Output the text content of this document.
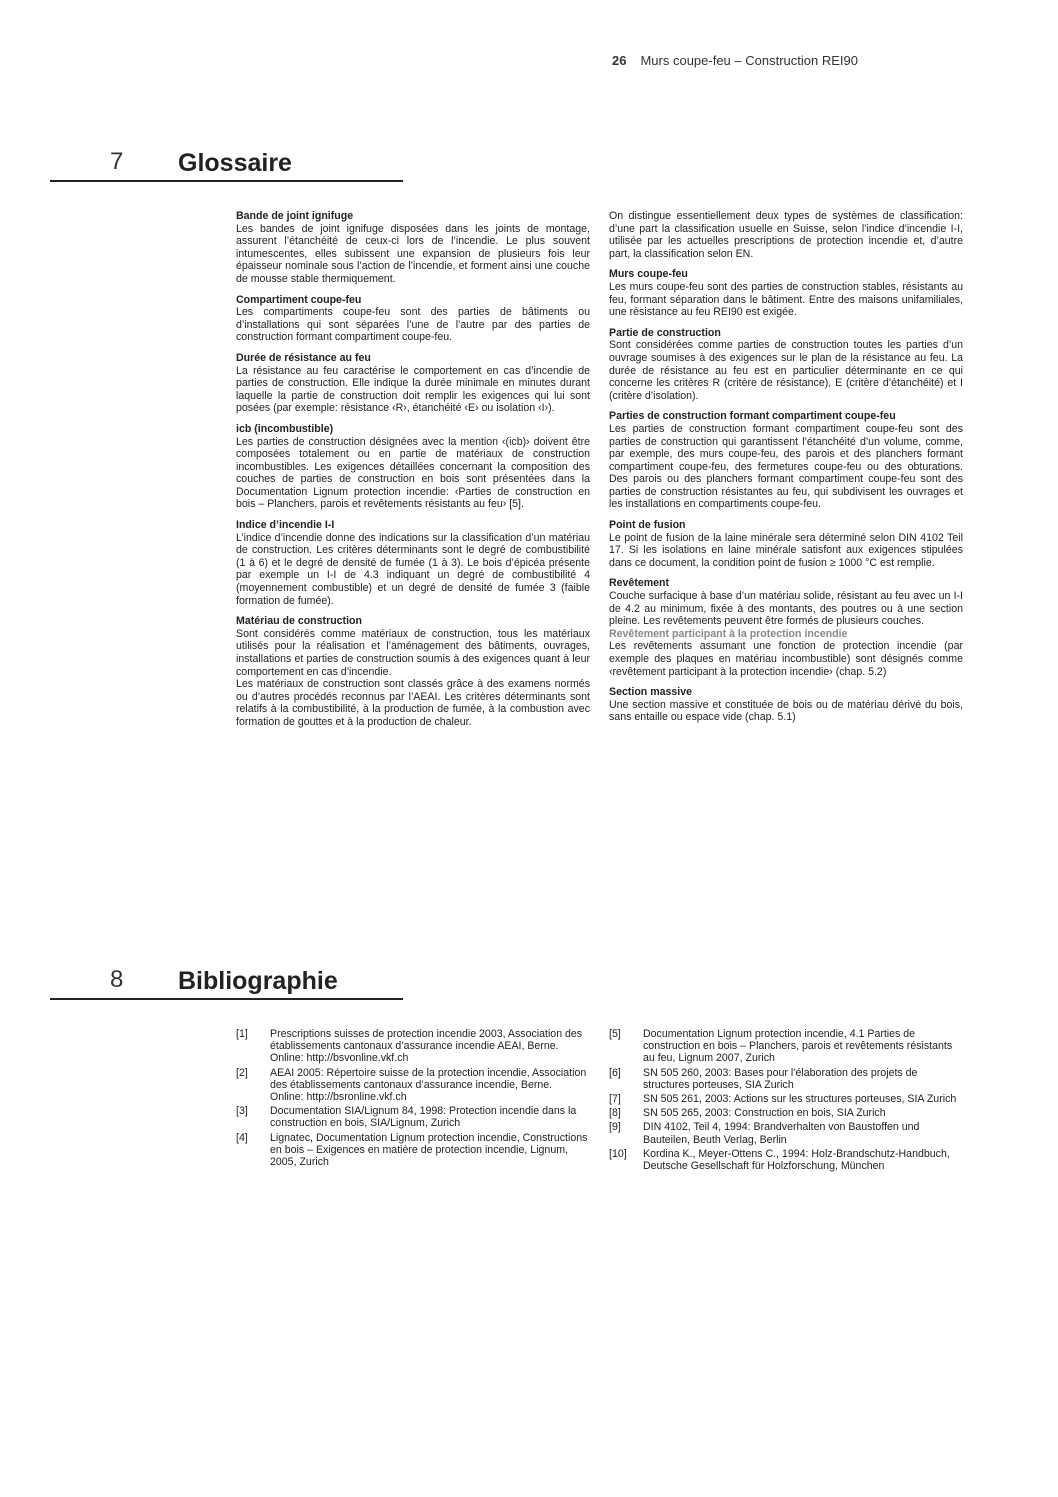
26 Murs coupe-feu – Construction REI90
7 Glossaire
Bande de joint ignifuge

Les bandes de joint ignifuge disposées dans les joints de montage, assurent l’étanchéité de ceux-ci lors de l’incendie. Le plus souvent intumescentes, elles subissent une expansion de plusieurs fois leur épaisseur nominale sous l’action de l’incendie, et forment ainsi une couche de mousse stable thermiquement.

Compartiment coupe-feu

Les compartiments coupe-feu sont des parties de bâtiments ou d’installations qui sont séparées l’une de l’autre par des parties de construction formant compartiment coupe-feu.

Durée de résistance au feu

La résistance au feu caractérise le comportement en cas d’incendie de parties de construction. Elle indique la durée minimale en minutes durant laquelle la partie de construction doit remplir les exigences qui lui sont posées (par exemple: résistance ‹R›, étanchéité ‹E› ou isolation ‹I›).

icb (incombustible)

Les parties de construction désignées avec la mention ‹(icb)› doivent être composées totalement ou en partie de matériaux de construction incombustibles. Les exigences détaillées concernant la composition des couches de parties de construction en bois sont présentées dans la Documentation Lignum protection incendie: ‹Parties de construction en bois – Planchers, parois et revêtements résistants au feu› [5].

Indice d’incendie I-I

L’indice d’incendie donne des indications sur la classification d’un matériau de construction. Les critères déterminants sont le degré de combustibilité (1 à 6) et le degré de densité de fumée (1 à 3). Le bois d’épicéa présente par exemple un I-I de 4.3 indiquant un degré de combustibilité 4 (moyennement combustible) et un degré de densité de fumée 3 (faible formation de fumée).

Matériau de construction

Sont considérés comme matériaux de construction, tous les matériaux utilisés pour la réalisation et l’aménagement des bâtiments, ouvrages, installations et parties de construction soumis à des exigences quant à leur comportement en cas d’incendie.

Les matériaux de construction sont classés grâce à des examens normés ou d’autres procédés reconnus par l’AEAI. Les critères déterminants sont relatifs à la combustibilité, à la production de fumée, à la combustion avec formation de gouttes et à la production de chaleur.

On distingue essentiellement deux types de systèmes de classification: d’une part la classification usuelle en Suisse, selon l’indice d’incendie I-I, utilisée par les actuelles prescriptions de protection incendie et, d’autre part, la classification selon EN.

Murs coupe-feu

Les murs coupe-feu sont des parties de construction stables, résistants au feu, formant séparation dans le bâtiment. Entre des maisons unifamiliales, une résistance au feu REI90 est exigée.

Partie de construction

Sont considérées comme parties de construction toutes les parties d’un ouvrage soumises à des exigences sur le plan de la résistance au feu. La durée de résistance au feu est en particulier déterminante en ce qui concerne les critères R (critère de résistance), E (critère d’étanchéité) et I (critère d’isolation).

Parties de construction formant compartiment coupe-feu

Les parties de construction formant compartiment coupe-feu sont des parties de construction qui garantissent l’étanchéité d’un volume, comme, par exemple, des murs coupe-feu, des parois et des planchers formant compartiment coupe-feu, des fermetures coupe-feu ou des obturations. Des parois ou des planchers formant compartiment coupe-feu sont des parties de construction résistantes au feu, qui subdivisent les ouvrages et les installations en compartiments coupe-feu.

Point de fusion

Le point de fusion de la laine minérale sera déterminé selon DIN 4102 Teil 17. Si les isolations en laine minérale satisfont aux exigences stipulées dans ce document, la condition point de fusion ≥ 1000 °C est remplie.

Revêtement

Couche surfacique à base d’un matériau solide, résistant au feu avec un I-I de 4.2 au minimum, fixée à des montants, des poutres ou à une section pleine. Les revêtements peuvent être formés de plusieurs couches.

Revêtement participant à la protection incendie

Les revêtements assumant une fonction de protection incendie (par exemple des plaques en matériau incombustible) sont désignés comme ‹revêtement participant à la protection incendie› (chap. 5.2)

Section massive

Une section massive et constituée de bois ou de matériau dérivé du bois, sans entaille ou espace vide (chap. 5.1)

8 Bibliographie
[1]	Prescriptions suisses de protection incendie 2003, Association des établissements cantonaux d’assurance incendie AEAI, Berne. Online: http://bsvonline.vkf.ch
[2]	AEAI 2005: Répertoire suisse de la protection incendie, Association des établissements cantonaux d’assurance incendie, Berne. Online: http://bsronline.vkf.ch
[3]	Documentation SIA/Lignum 84, 1998: Protection incendie dans la construction en bois, SIA/Lignum, Zurich
[4]	Lignatec, Documentation Lignum protection incendie, Constructions en bois – Exigences en matière de protection incendie, Lignum, 2005, Zurich
[5]	Documentation Lignum protection incendie, 4.1 Parties de construction en bois – Planchers, parois et revêtements résistants au feu, Lignum 2007, Zurich
[6]	SN 505 260, 2003: Bases pour l’élaboration des projets de structures porteuses, SIA Zurich
[7]	SN 505 261, 2003: Actions sur les structures porteuses, SIA Zurich
[8]	SN 505 265, 2003: Construction en bois, SIA Zurich
[9]	DIN 4102, Teil 4, 1994: Brandverhalten von Baustoffen und Bauteilen, Beuth Verlag, Berlin
[10]	Kordina K., Meyer-Ottens C., 1994: Holz-Brandschutz-Handbuch, Deutsche Gesellschaft für Holzforschung, München
